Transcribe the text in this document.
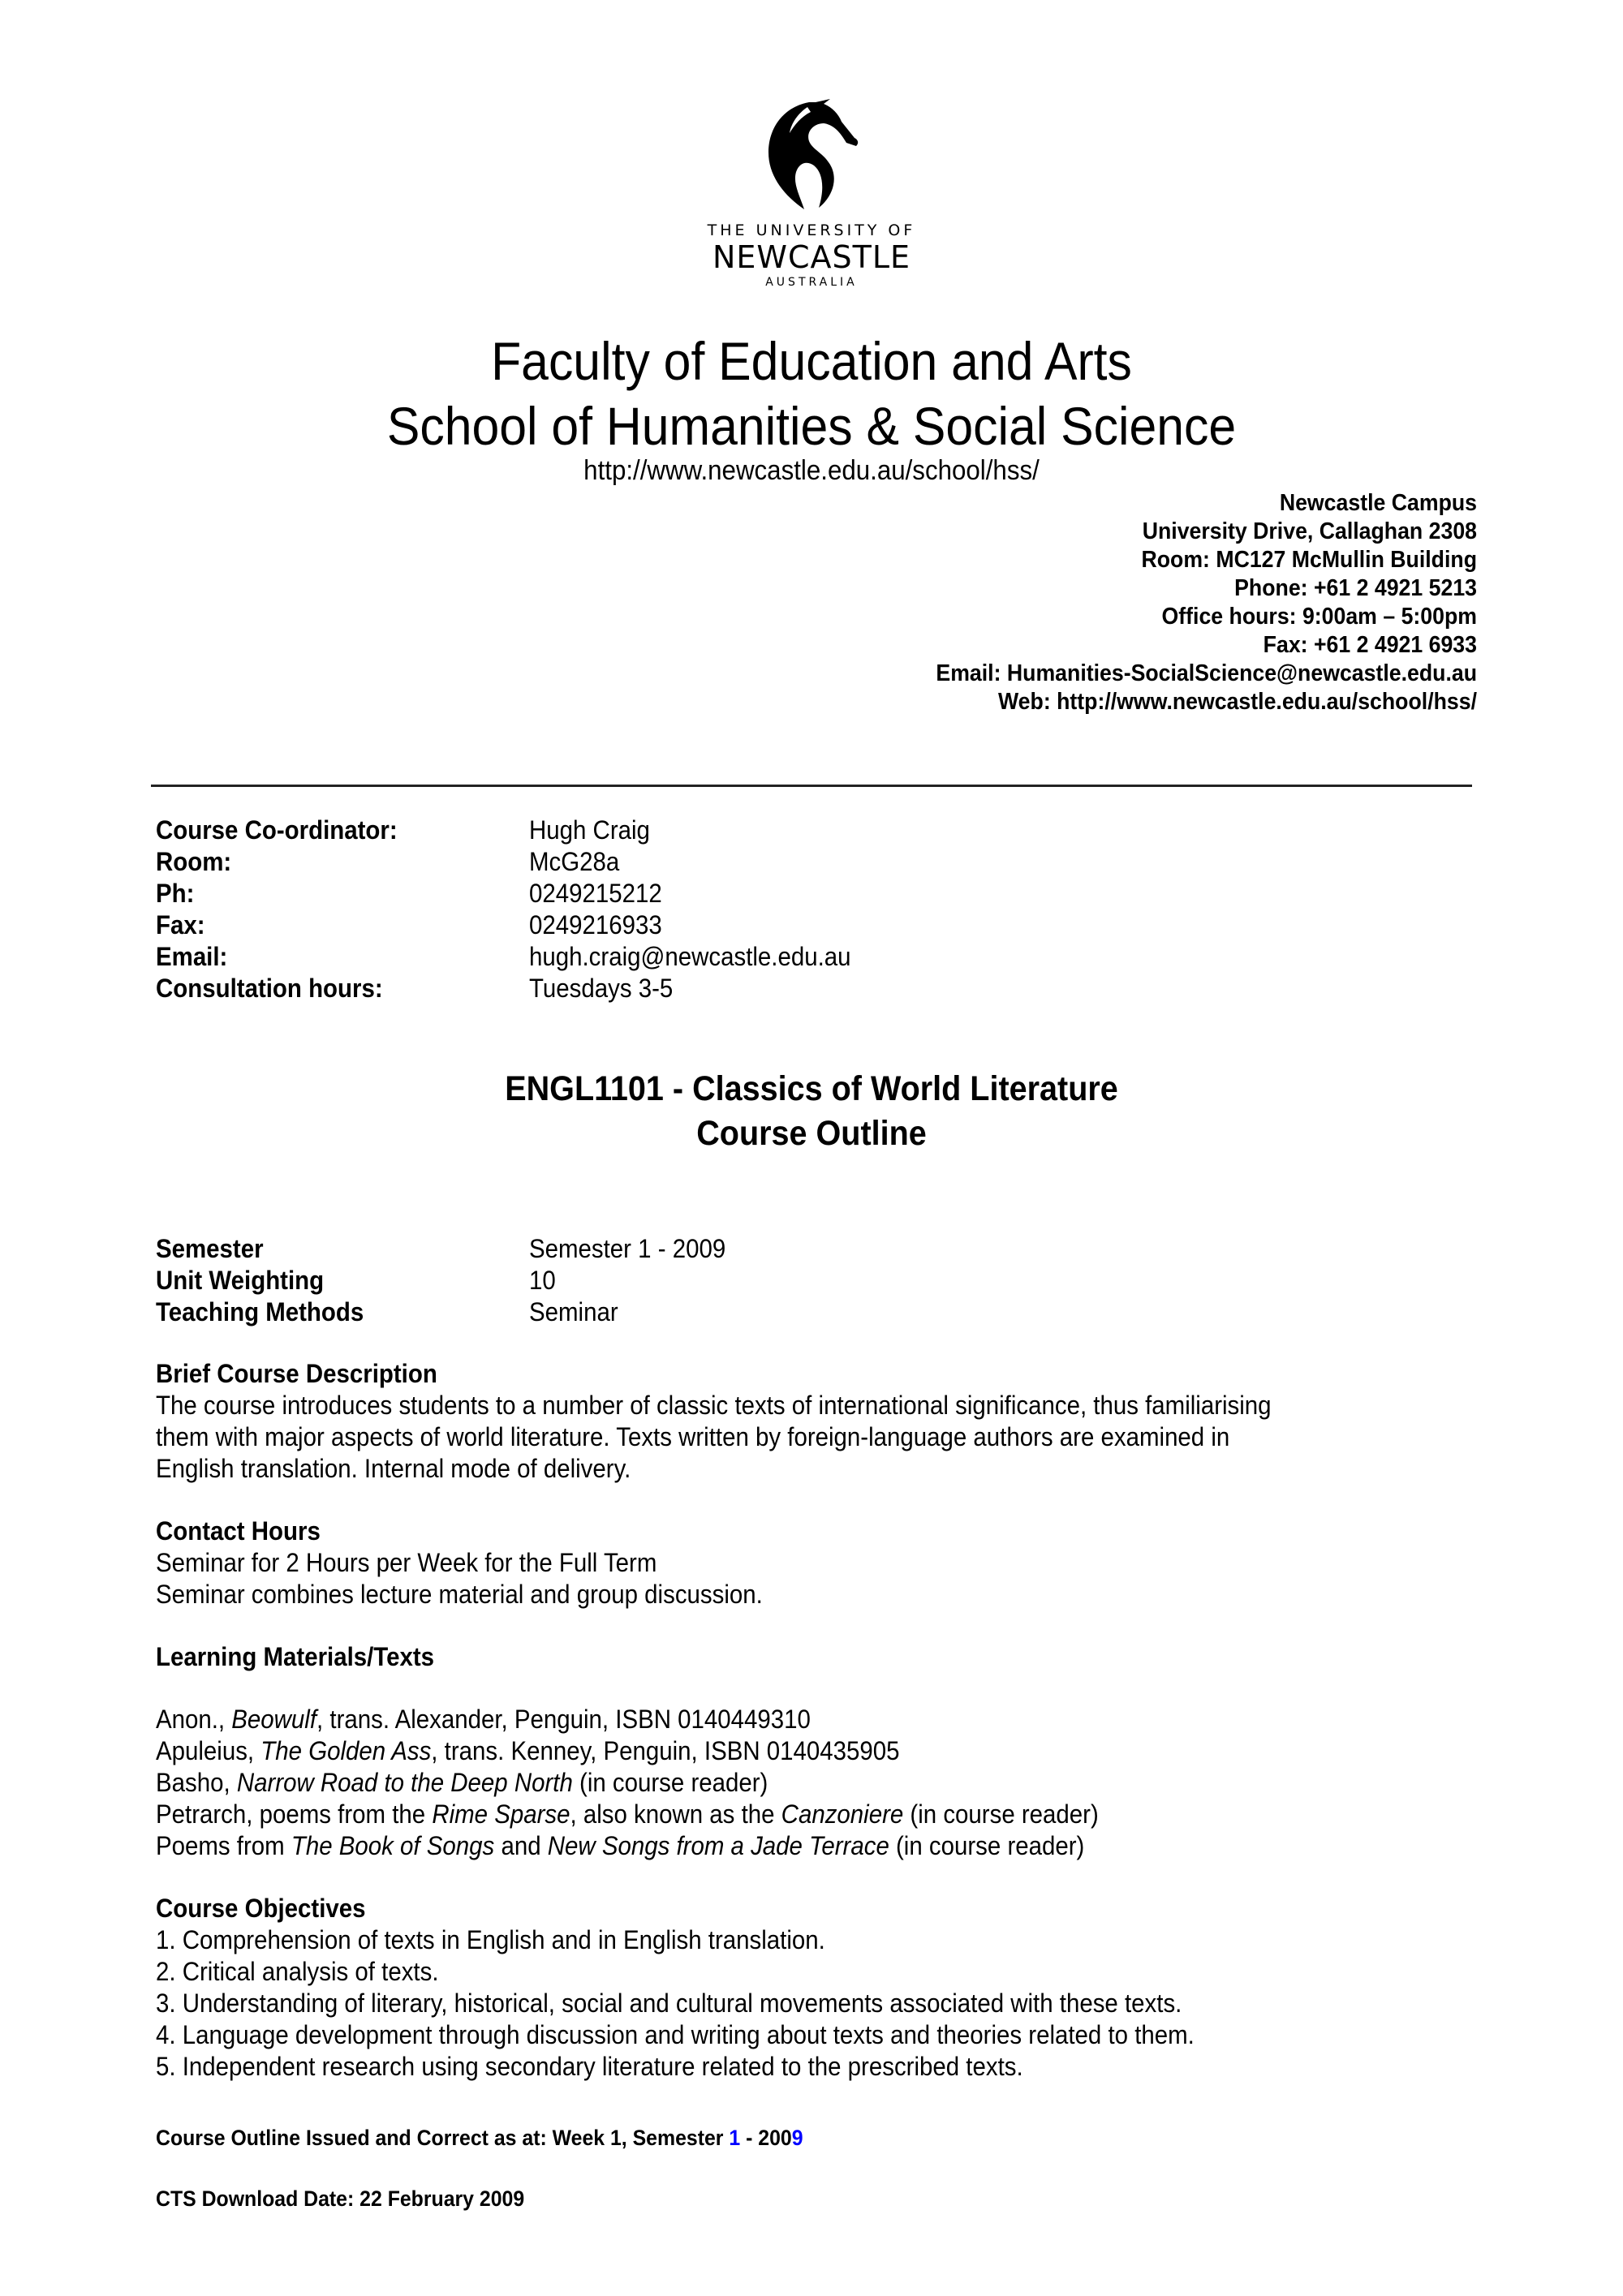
THE UNIVERSITY OF
NEWCASTLE
AUSTRALIA
Faculty of Education and Arts
School of Humanities & Social Science
http://www.newcastle.edu.au/school/hss/
Newcastle Campus
University Drive, Callaghan 2308
Room: MC127 McMullin Building
Phone: +61 2 4921 5213
Office hours: 9:00am – 5:00pm
Fax: +61 2 4921 6933
Email: Humanities-SocialScience@newcastle.edu.au
Web: http://www.newcastle.edu.au/school/hss/
Course Co-ordinator:	Hugh Craig
Room:	McG28a
Ph:	0249215212
Fax:	0249216933
Email:	hugh.craig@newcastle.edu.au
Consultation hours:	Tuesdays 3-5
ENGL1101 - Classics of World Literature
Course Outline
Semester	Semester 1 - 2009
Unit Weighting	10
Teaching Methods	Seminar
Brief Course Description
The course introduces students to a number of classic texts of international significance, thus familiarising
them with major aspects of world literature. Texts written by foreign-language authors are examined in
English translation. Internal mode of delivery.
Contact Hours
Seminar for 2 Hours per Week for the Full Term
Seminar combines lecture material and group discussion.
Learning Materials/Texts
Anon., Beowulf, trans. Alexander, Penguin, ISBN 0140449310
Apuleius, The Golden Ass, trans. Kenney, Penguin, ISBN 0140435905
Basho, Narrow Road to the Deep North (in course reader)
Petrarch, poems from the Rime Sparse, also known as the Canzoniere (in course reader)
Poems from The Book of Songs and New Songs from a Jade Terrace (in course reader)
Course Objectives
1. Comprehension of texts in English and in English translation.
2. Critical analysis of texts.
3. Understanding of literary, historical, social and cultural movements associated with these texts.
4. Language development through discussion and writing about texts and theories related to them.
5. Independent research using secondary literature related to the prescribed texts.
Course Outline Issued and Correct as at: Week 1, Semester 1 - 2009
CTS Download Date: 22 February 2009
